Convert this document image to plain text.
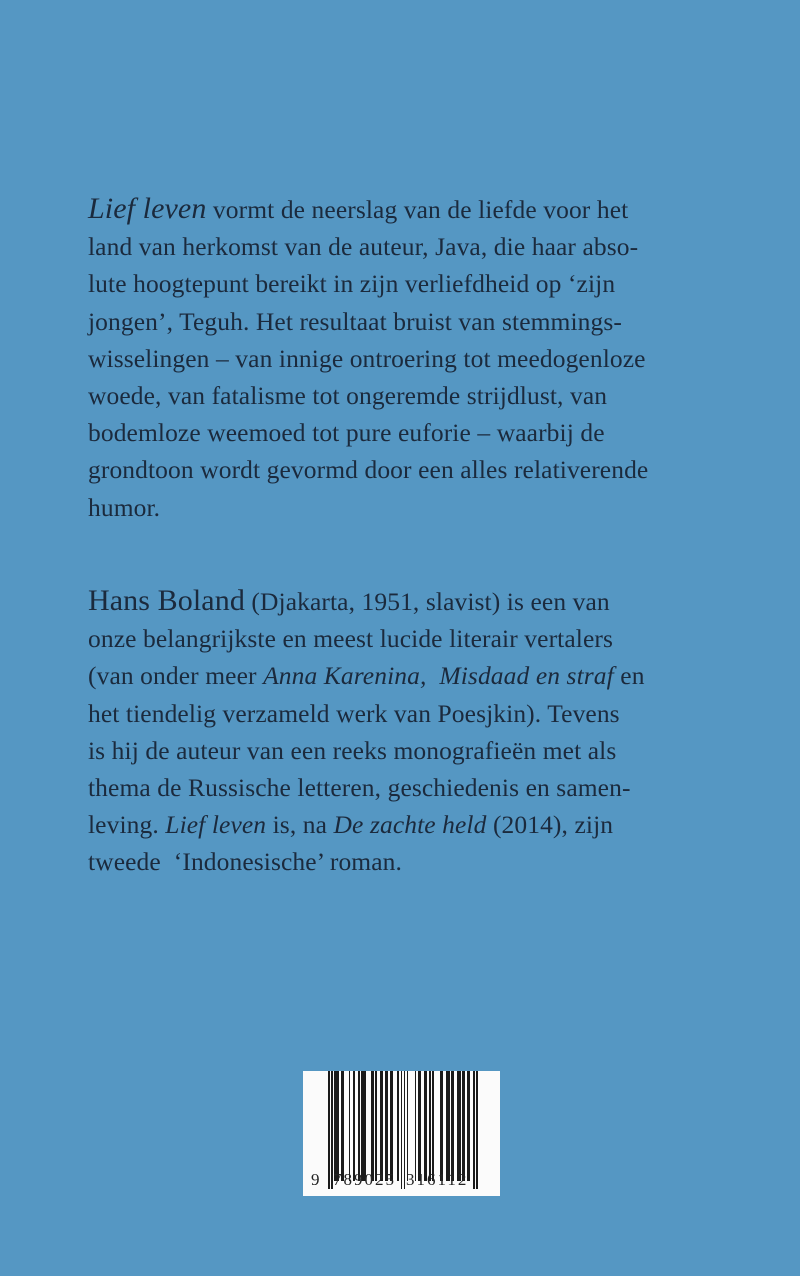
Lief leven vormt de neerslag van de liefde voor het
land van herkomst van de auteur, Java, die haar abso-
lute hoogtepunt bereikt in zijn verliefdheid op ‘zijn
jongen’, Teguh. Het resultaat bruist van stemmings-
wisselingen – van innige ontroering tot meedogenloze
woede, van fatalisme tot ongeremde strijdlust, van
bodemloze weemoed tot pure euforie – waarbij de
grondtoon wordt gevormd door een alles relativerende
humor.

Hans Boland (Djakarta, 1951, slavist) is een van
onze belangrijkste en meest lucide literair vertalers
(van onder meer Anna Karenina, Misdaad en straf en
het tiendelig verzameld werk van Poesjkin). Tevens
is hij de auteur van een reeks monografieën met als
thema de Russische letteren, geschiedenis en samen-
leving. Lief leven is, na De zachte held (2014), zijn
tweede  ‘Indonesische’ roman.

9 789025 316112
